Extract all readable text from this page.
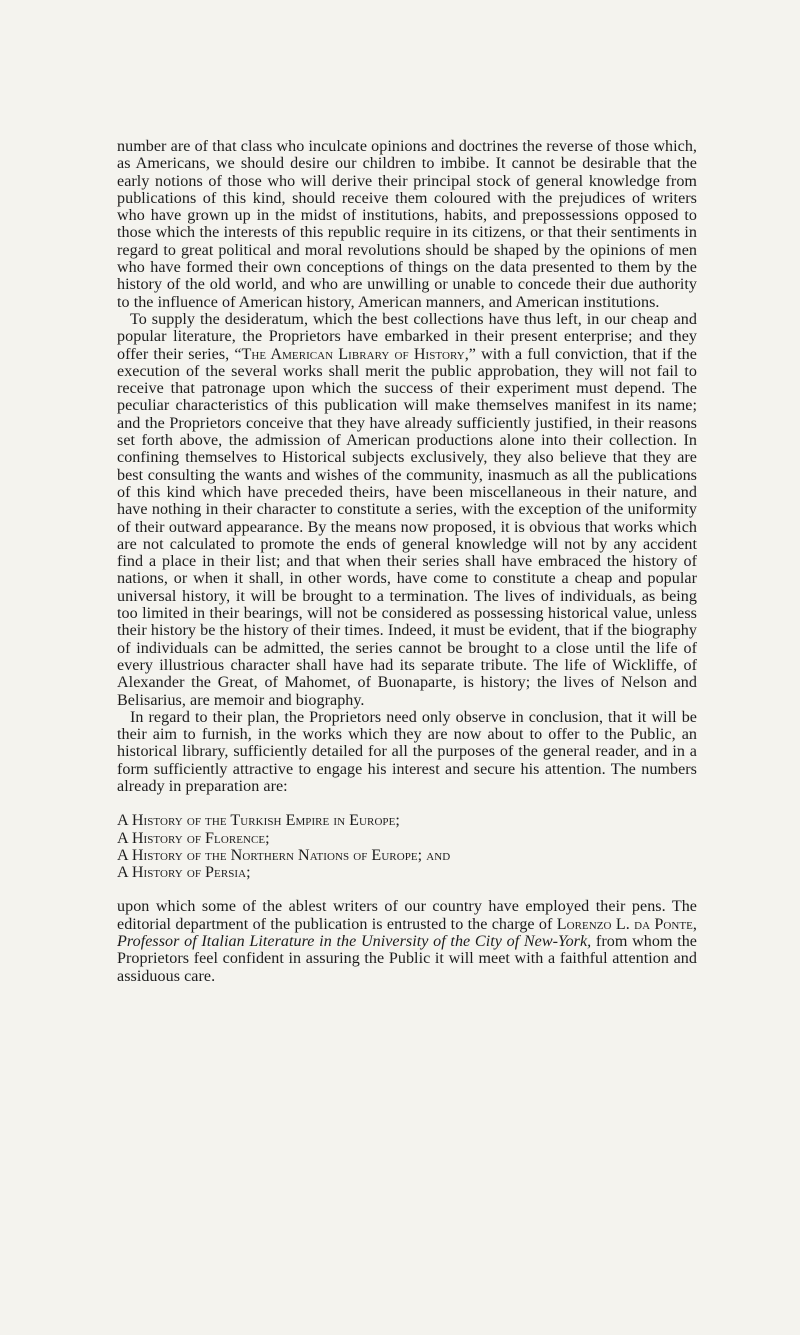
number are of that class who inculcate opinions and doctrines the reverse of those which, as Americans, we should desire our children to imbibe. It cannot be desirable that the early notions of those who will derive their principal stock of general knowledge from publications of this kind, should receive them coloured with the prejudices of writers who have grown up in the midst of institutions, habits, and prepossessions opposed to those which the interests of this republic require in its citizens, or that their sentiments in regard to great political and moral revolutions should be shaped by the opinions of men who have formed their own conceptions of things on the data presented to them by the history of the old world, and who are unwilling or unable to concede their due authority to the influence of American history, American manners, and American institutions.

To supply the desideratum, which the best collections have thus left, in our cheap and popular literature, the Proprietors have embarked in their present enterprise; and they offer their series, “The American Library of History,” with a full conviction, that if the execution of the several works shall merit the public approbation, they will not fail to receive that patronage upon which the success of their experiment must depend. The peculiar characteristics of this publication will make themselves manifest in its name; and the Proprietors conceive that they have already sufficiently justified, in their reasons set forth above, the admission of American productions alone into their collection. In confining themselves to Historical subjects exclusively, they also believe that they are best consulting the wants and wishes of the community, inasmuch as all the publications of this kind which have preceded theirs, have been miscellaneous in their nature, and have nothing in their character to constitute a series, with the exception of the uniformity of their outward appearance. By the means now proposed, it is obvious that works which are not calculated to promote the ends of general knowledge will not by any accident find a place in their list; and that when their series shall have embraced the history of nations, or when it shall, in other words, have come to constitute a cheap and popular universal history, it will be brought to a termination. The lives of individuals, as being too limited in their bearings, will not be considered as possessing historical value, unless their history be the history of their times. Indeed, it must be evident, that if the biography of individuals can be admitted, the series cannot be brought to a close until the life of every illustrious character shall have had its separate tribute. The life of Wickliffe, of Alexander the Great, of Mahomet, of Buonaparte, is history; the lives of Nelson and Belisarius, are memoir and biography.

In regard to their plan, the Proprietors need only observe in conclusion, that it will be their aim to furnish, in the works which they are now about to offer to the Public, an historical library, sufficiently detailed for all the purposes of the general reader, and in a form sufficiently attractive to engage his interest and secure his attention. The numbers already in preparation are:

A History of the Turkish Empire in Europe;

A History of Florence;

A History of the Northern Nations of Europe; and

A History of Persia;

upon which some of the ablest writers of our country have employed their pens. The editorial department of the publication is entrusted to the charge of Lorenzo L. da Ponte, Professor of Italian Literature in the University of the City of New-York, from whom the Proprietors feel confident in assuring the Public it will meet with a faithful attention and assiduous care.
